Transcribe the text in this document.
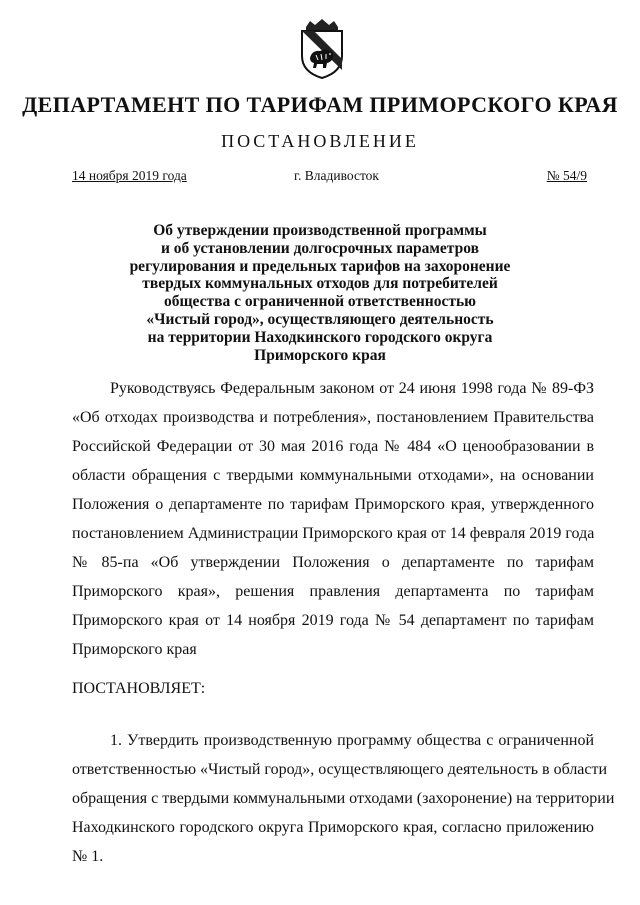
ДЕПАРТАМЕНТ ПО ТАРИФАМ ПРИМОРСКОГО КРАЯ
ПОСТАНОВЛЕНИЕ
14 ноября 2019 года	г. Владивосток	№ 54/9
Об утверждении производственной программы
и об установлении долгосрочных параметров
регулирования и предельных тарифов на захоронение
твердых коммунальных отходов для потребителей
общества с ограниченной ответственностью
«Чистый город», осуществляющего деятельность
на территории Находкинского городского округа
Приморского края
Руководствуясь Федеральным законом от 24 июня 1998 года № 89-ФЗ
«Об отходах производства и потребления», постановлением Правительства
Российской Федерации от 30 мая 2016 года № 484 «О ценообразовании в
области обращения с твердыми коммунальными отходами», на основании
Положения о департаменте по тарифам Приморского края, утвержденного
постановлением Администрации Приморского края от 14 февраля 2019 года
№ 85-па «Об утверждении Положения о департаменте по тарифам
Приморского края», решения правления департамента по тарифам
Приморского края от 14 ноября 2019 года № 54 департамент по тарифам
Приморского края
ПОСТАНОВЛЯЕТ:
1. Утвердить производственную программу общества с ограниченной
ответственностью «Чистый город», осуществляющего деятельность в области
обращения с твердыми коммунальными отходами (захоронение) на территории
Находкинского городского округа Приморского края, согласно приложению
№ 1.
